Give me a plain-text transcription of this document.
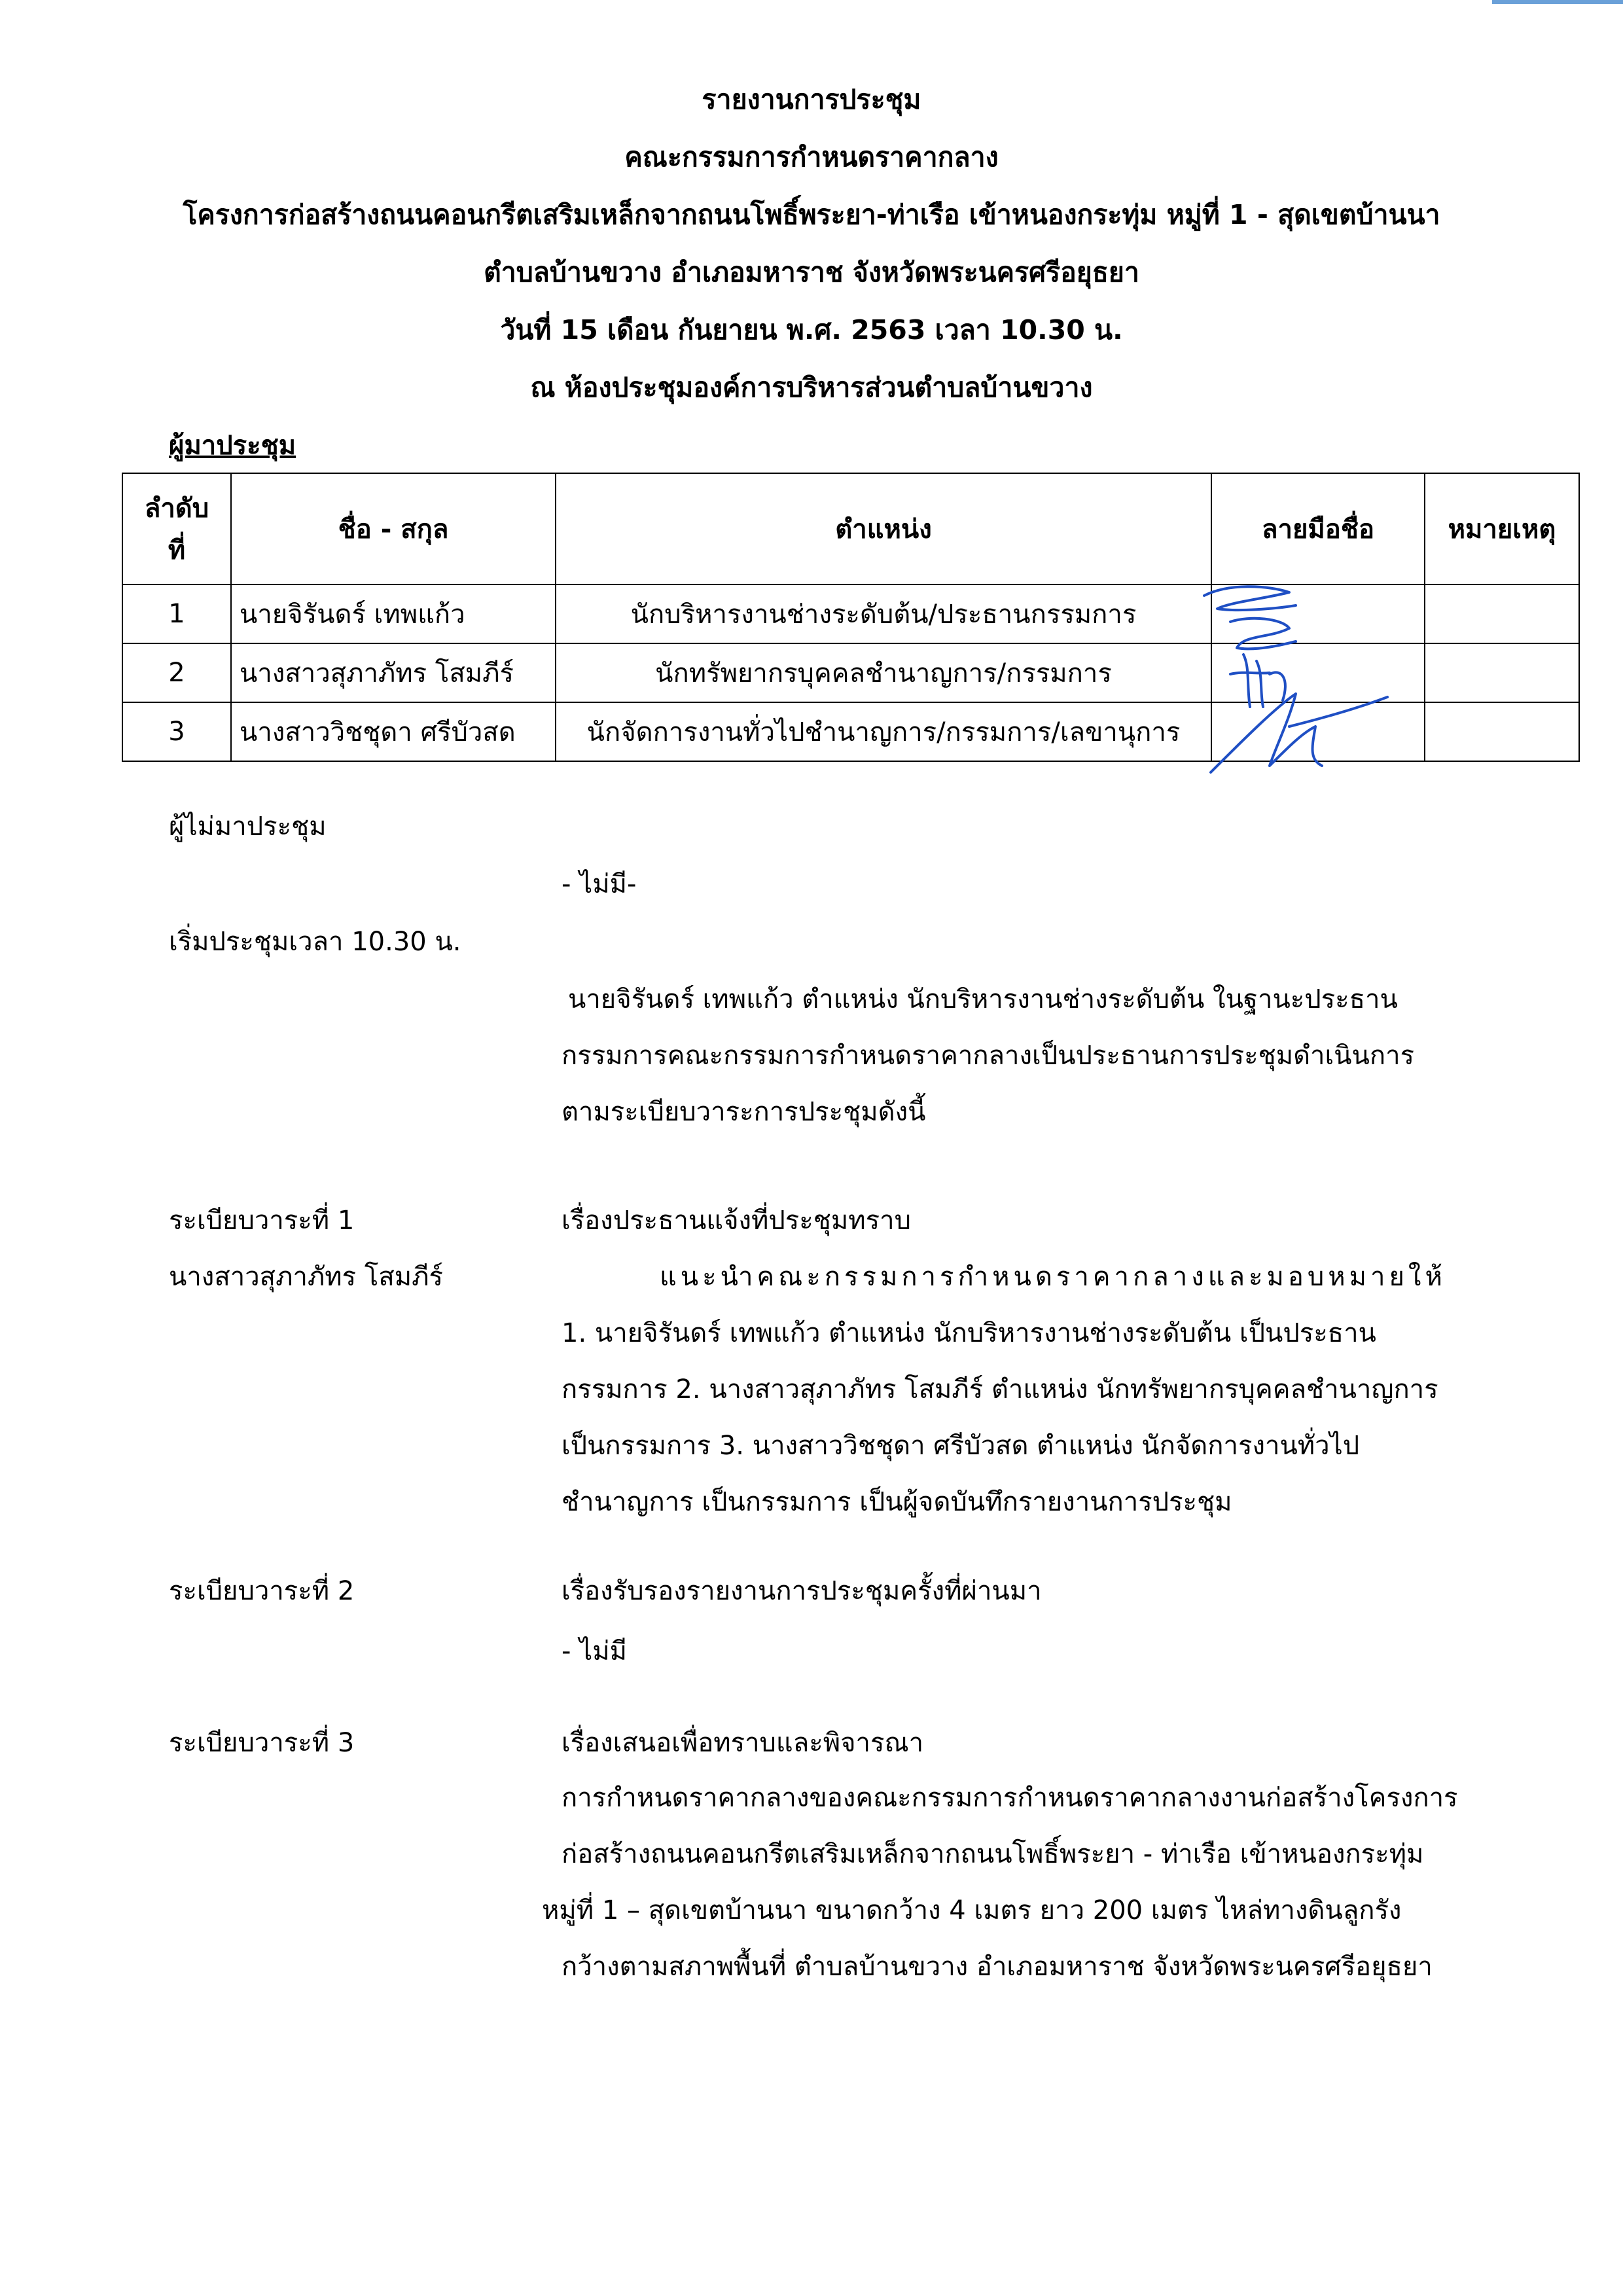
รายงานการประชุม
คณะกรรมการกำหนดราคากลาง
โครงการก่อสร้างถนนคอนกรีตเสริมเหล็กจากถนนโพธิ์พระยา-ท่าเรือ เข้าหนองกระทุ่ม หมู่ที่ 1 - สุดเขตบ้านนา
ตำบลบ้านขวาง อำเภอมหาราช จังหวัดพระนครศรีอยุธยา
วันที่ 15 เดือน กันยายน พ.ศ. 2563 เวลา 10.30 น.
ณ ห้องประชุมองค์การบริหารส่วนตำบลบ้านขวาง
ผู้มาประชุม
ลำดับ
ที่	ชื่อ - สกุล	ตำแหน่ง	ลายมือชื่อ	หมายเหตุ
1	นายจิรันดร์ เทพแก้ว	นักบริหารงานช่างระดับต้น/ประธานกรรมการ		
2	นางสาวสุภาภัทร โสมภีร์	นักทรัพยากรบุคคลชำนาญการ/กรรมการ		
3	นางสาววิชชุดา ศรีบัวสด	นักจัดการงานทั่วไปชำนาญการ/กรรมการ/เลขานุการ		
ผู้ไม่มาประชุม
- ไม่มี-
เริ่มประชุมเวลา 10.30 น.
นายจิรันดร์ เทพแก้ว ตำแหน่ง นักบริหารงานช่างระดับต้น ในฐานะประธาน
กรรมการคณะกรรมการกำหนดราคากลางเป็นประธานการประชุมดำเนินการ
ตามระเบียบวาระการประชุมดังนี้
ระเบียบวาระที่ 1	เรื่องประธานแจ้งที่ประชุมทราบ
นางสาวสุภาภัทร โสมภีร์	แนะนำคณะกรรมการกำหนดราคากลางและมอบหมายให้
1. นายจิรันดร์ เทพแก้ว ตำแหน่ง นักบริหารงานช่างระดับต้น เป็นประธาน
กรรมการ 2. นางสาวสุภาภัทร โสมภีร์ ตำแหน่ง นักทรัพยากรบุคคลชำนาญการ
เป็นกรรมการ 3. นางสาววิชชุดา ศรีบัวสด ตำแหน่ง นักจัดการงานทั่วไป
ชำนาญการ เป็นกรรมการ เป็นผู้จดบันทึกรายงานการประชุม
ระเบียบวาระที่ 2	เรื่องรับรองรายงานการประชุมครั้งที่ผ่านมา
- ไม่มี
ระเบียบวาระที่ 3	เรื่องเสนอเพื่อทราบและพิจารณา
การกำหนดราคากลางของคณะกรรมการกำหนดราคากลางงานก่อสร้างโครงการ
ก่อสร้างถนนคอนกรีตเสริมเหล็กจากถนนโพธิ์พระยา - ท่าเรือ เข้าหนองกระทุ่ม
หมู่ที่ 1 – สุดเขตบ้านนา ขนาดกว้าง 4 เมตร ยาว 200 เมตร ไหล่ทางดินลูกรัง
กว้างตามสภาพพื้นที่ ตำบลบ้านขวาง อำเภอมหาราช จังหวัดพระนครศรีอยุธยา
